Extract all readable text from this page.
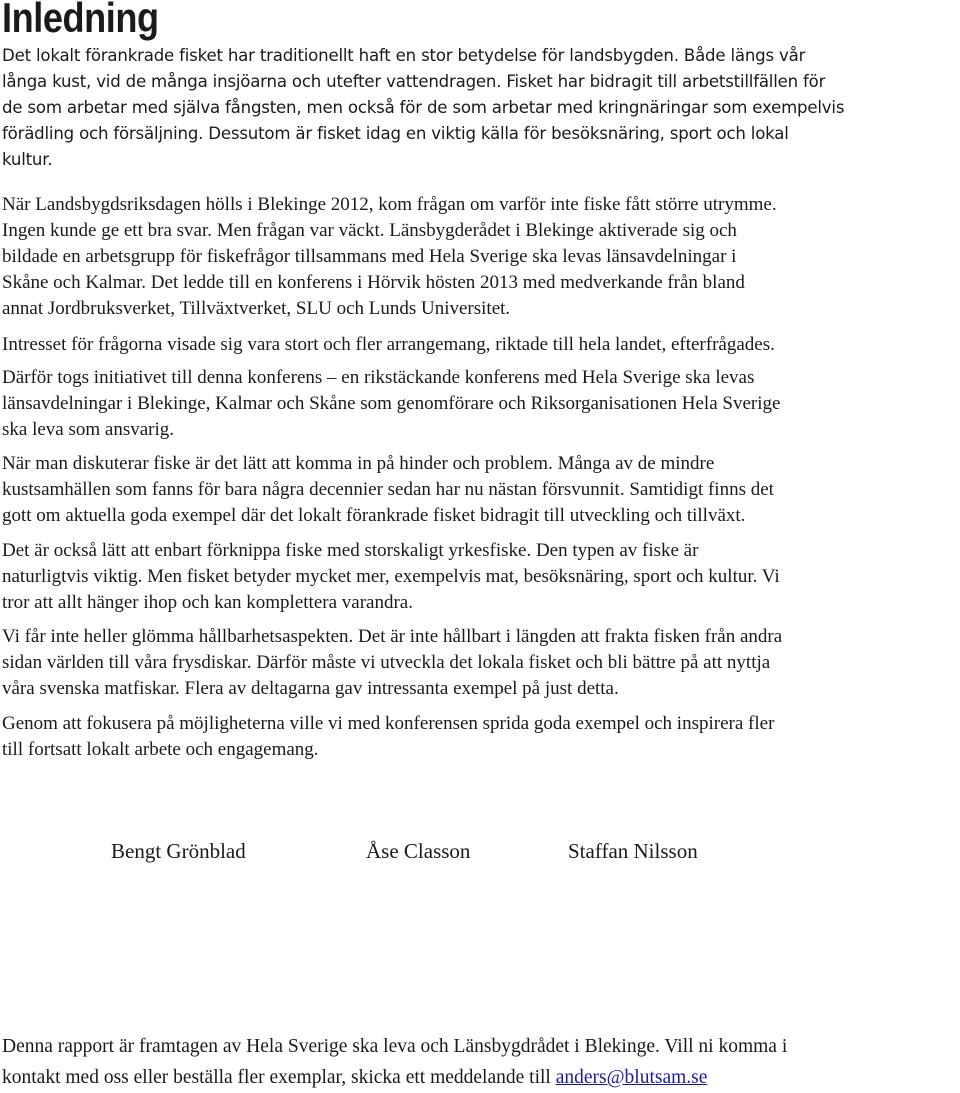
Inledning

Det lokalt förankrade fisket har traditionellt haft en stor betydelse för landsbygden. Både längs vår
långa kust, vid de många insjöarna och utefter vattendragen. Fisket har bidragit till arbetstillfällen för
de som arbetar med själva fångsten, men också för de som arbetar med kringnäringar som exempelvis
förädling och försäljning. Dessutom är fisket idag en viktig källa för besöksnäring, sport och lokal
kultur.

När Landsbygdsriksdagen hölls i Blekinge 2012, kom frågan om varför inte fiske fått större utrymme.
Ingen kunde ge ett bra svar. Men frågan var väckt. Länsbygderådet i Blekinge aktiverade sig och
bildade en arbetsgrupp för fiskefrågor tillsammans med Hela Sverige ska levas länsavdelningar i
Skåne och Kalmar. Det ledde till en konferens i Hörvik hösten 2013 med medverkande från bland
annat Jordbruksverket, Tillväxtverket, SLU och Lunds Universitet.

Intresset för frågorna visade sig vara stort och fler arrangemang, riktade till hela landet, efterfrågades.

Därför togs initiativet till denna konferens – en rikstäckande konferens med Hela Sverige ska levas
länsavdelningar i Blekinge, Kalmar och Skåne som genomförare och Riksorganisationen Hela Sverige
ska leva som ansvarig.

När man diskuterar fiske är det lätt att komma in på hinder och problem. Många av de mindre
kustsamhällen som fanns för bara några decennier sedan har nu nästan försvunnit. Samtidigt finns det
gott om aktuella goda exempel där det lokalt förankrade fisket bidragit till utveckling och tillväxt.

Det är också lätt att enbart förknippa fiske med storskaligt yrkesfiske. Den typen av fiske är
naturligtvis viktig. Men fisket betyder mycket mer, exempelvis mat, besöksnäring, sport och kultur. Vi
tror att allt hänger ihop och kan komplettera varandra.

Vi får inte heller glömma hållbarhetsaspekten. Det är inte hållbart i längden att frakta fisken från andra
sidan världen till våra frysdiskar. Därför måste vi utveckla det lokala fisket och bli bättre på att nyttja
våra svenska matfiskar. Flera av deltagarna gav intressanta exempel på just detta.

Genom att fokusera på möjligheterna ville vi med konferensen sprida goda exempel och inspirera fler
till fortsatt lokalt arbete och engagemang.

Bengt Grönblad	Åse Classon	Staffan Nilsson

Denna rapport är framtagen av Hela Sverige ska leva och Länsbygdrådet i Blekinge. Vill ni komma i
kontakt med oss eller beställa fler exemplar, skicka ett meddelande till anders@blutsam.se
